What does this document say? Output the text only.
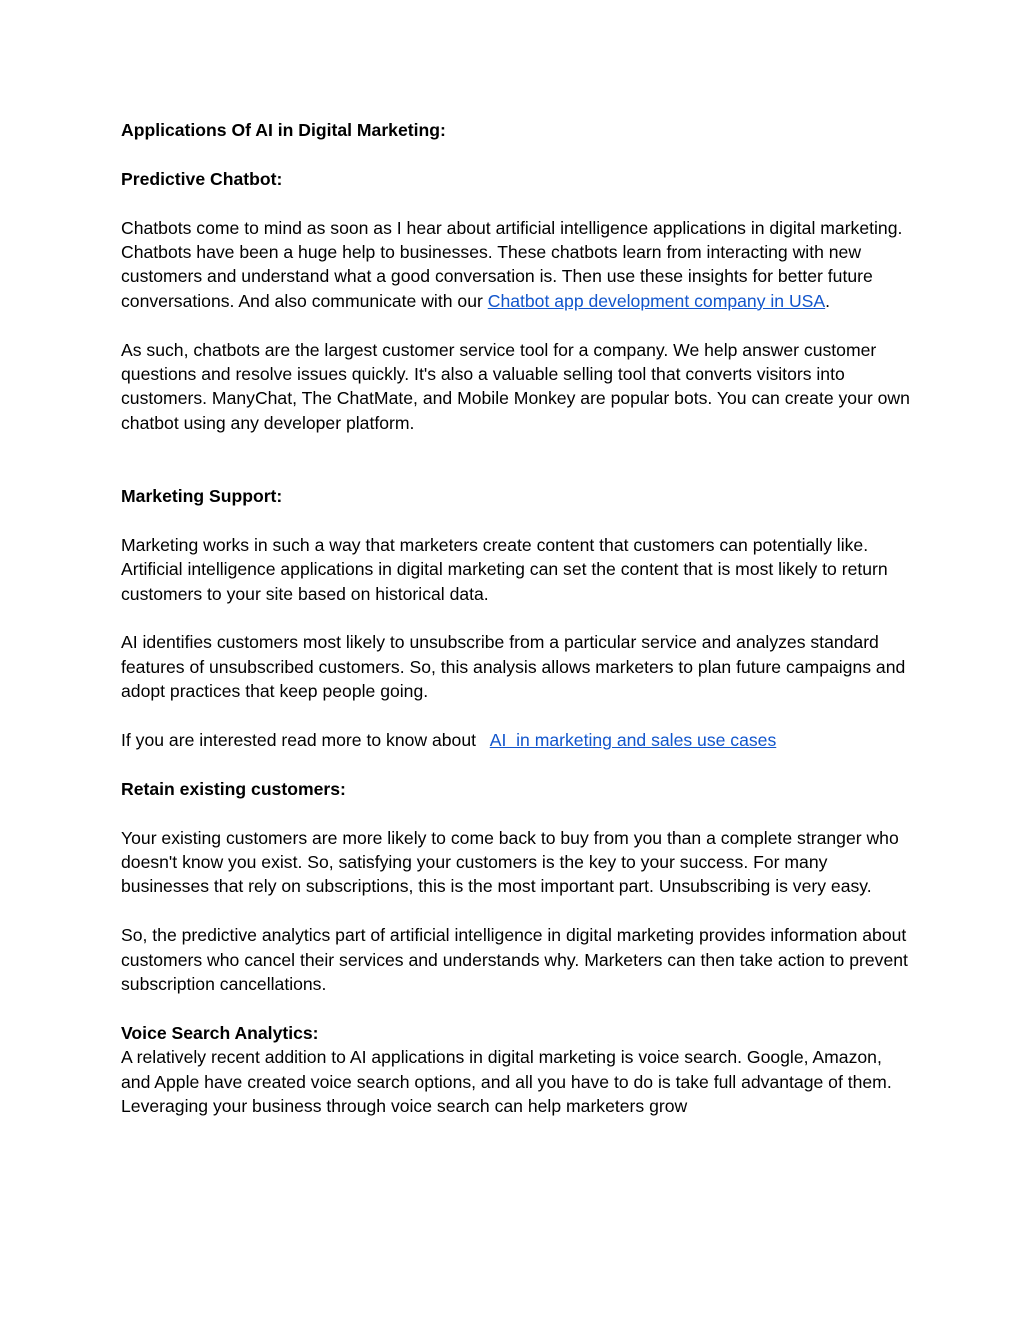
Applications Of AI in Digital Marketing:

Predictive Chatbot:

Chatbots come to mind as soon as I hear about artificial intelligence applications in digital marketing. Chatbots have been a huge help to businesses. These chatbots learn from interacting with new customers and understand what a good conversation is. Then use these insights for better future conversations. And also communicate with our Chatbot app development company in USA.

As such, chatbots are the largest customer service tool for a company. We help answer customer questions and resolve issues quickly. It's also a valuable selling tool that converts visitors into customers. ManyChat, The ChatMate, and Mobile Monkey are popular bots. You can create your own chatbot using any developer platform.

Marketing Support:

Marketing works in such a way that marketers create content that customers can potentially like. Artificial intelligence applications in digital marketing can set the content that is most likely to return customers to your site based on historical data.

AI identifies customers most likely to unsubscribe from a particular service and analyzes standard features of unsubscribed customers. So, this analysis allows marketers to plan future campaigns and adopt practices that keep people going.

If you are interested read more to know about   AI  in marketing and sales use cases

Retain existing customers:

Your existing customers are more likely to come back to buy from you than a complete stranger who doesn't know you exist. So, satisfying your customers is the key to your success. For many businesses that rely on subscriptions, this is the most important part. Unsubscribing is very easy.

So, the predictive analytics part of artificial intelligence in digital marketing provides information about customers who cancel their services and understands why. Marketers can then take action to prevent subscription cancellations.

Voice Search Analytics:

A relatively recent addition to AI applications in digital marketing is voice search. Google, Amazon, and Apple have created voice search options, and all you have to do is take full advantage of them. Leveraging your business through voice search can help marketers grow
